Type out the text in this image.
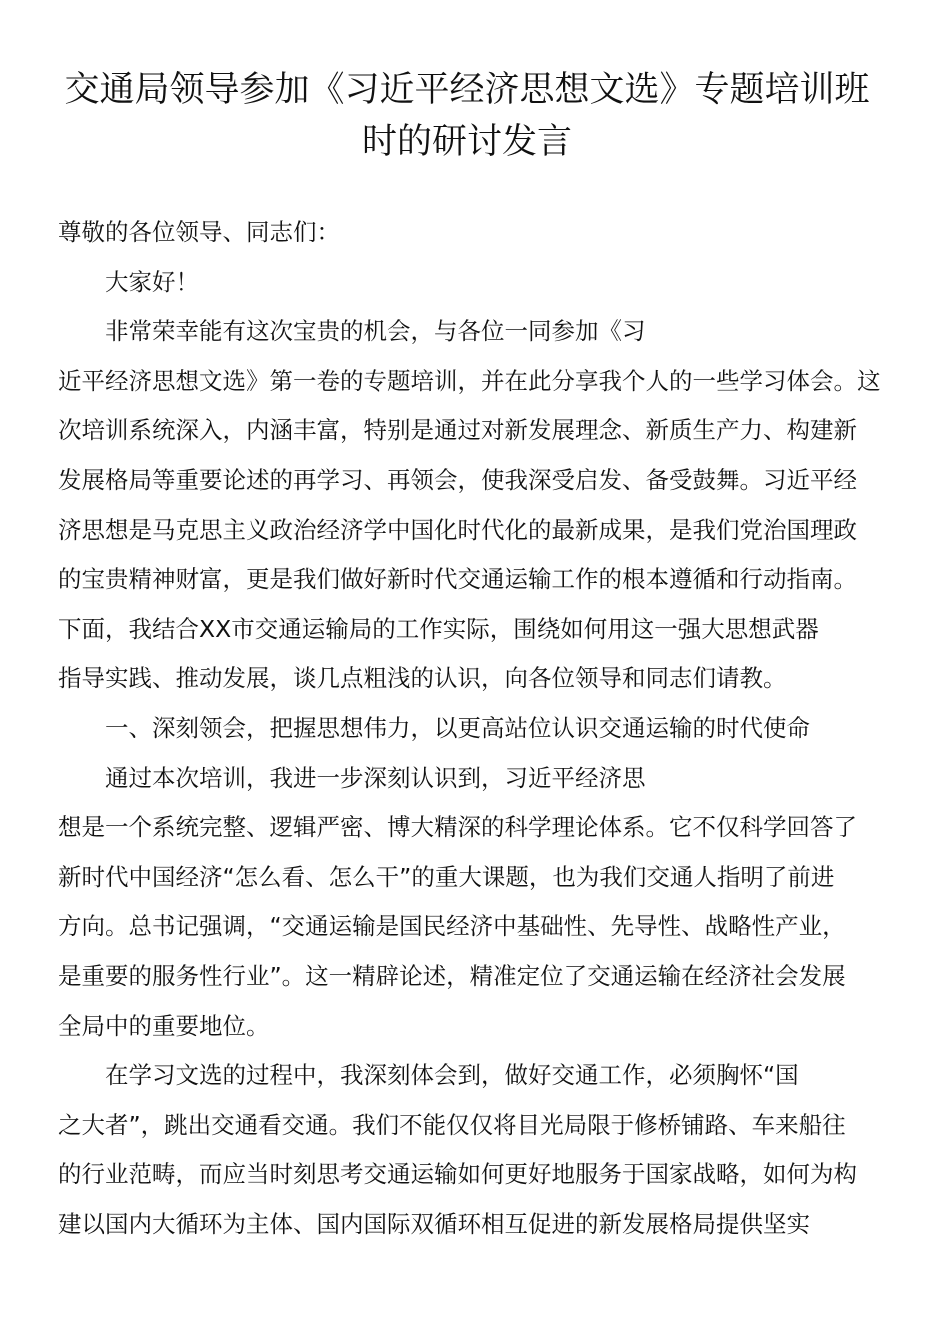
交通局领导参加《习近平经济思想文选》专题培训班
时的研讨发言

尊敬的各位领导、同志们：

大家好！

非常荣幸能有这次宝贵的机会，与各位一同参加《习
近平经济思想文选》第一卷的专题培训，并在此分享我个人的一些学习体会。这
次培训系统深入，内涵丰富，特别是通过对新发展理念、新质生产力、构建新
发展格局等重要论述的再学习、再领会，使我深受启发、备受鼓舞。习近平经
济思想是马克思主义政治经济学中国化时代化的最新成果，是我们党治国理政
的宝贵精神财富，更是我们做好新时代交通运输工作的根本遵循和行动指南。
下面，我结合XX市交通运输局的工作实际，围绕如何用这一强大思想武器
指导实践、推动发展，谈几点粗浅的认识，向各位领导和同志们请教。

一、深刻领会，把握思想伟力，以更高站位认识交通运输的时代使命

通过本次培训，我进一步深刻认识到，习近平经济思
想是一个系统完整、逻辑严密、博大精深的科学理论体系。它不仅科学回答了
新时代中国经济“怎么看、怎么干”的重大课题，也为我们交通人指明了前进
方向。总书记强调，“交通运输是国民经济中基础性、先导性、战略性产业，
是重要的服务性行业”。这一精辟论述，精准定位了交通运输在经济社会发展
全局中的重要地位。

在学习文选的过程中，我深刻体会到，做好交通工作，必须胸怀“国
之大者”，跳出交通看交通。我们不能仅仅将目光局限于修桥铺路、车来船往
的行业范畴，而应当时刻思考交通运输如何更好地服务于国家战略，如何为构
建以国内大循环为主体、国内国际双循环相互促进的新发展格局提供坚实
